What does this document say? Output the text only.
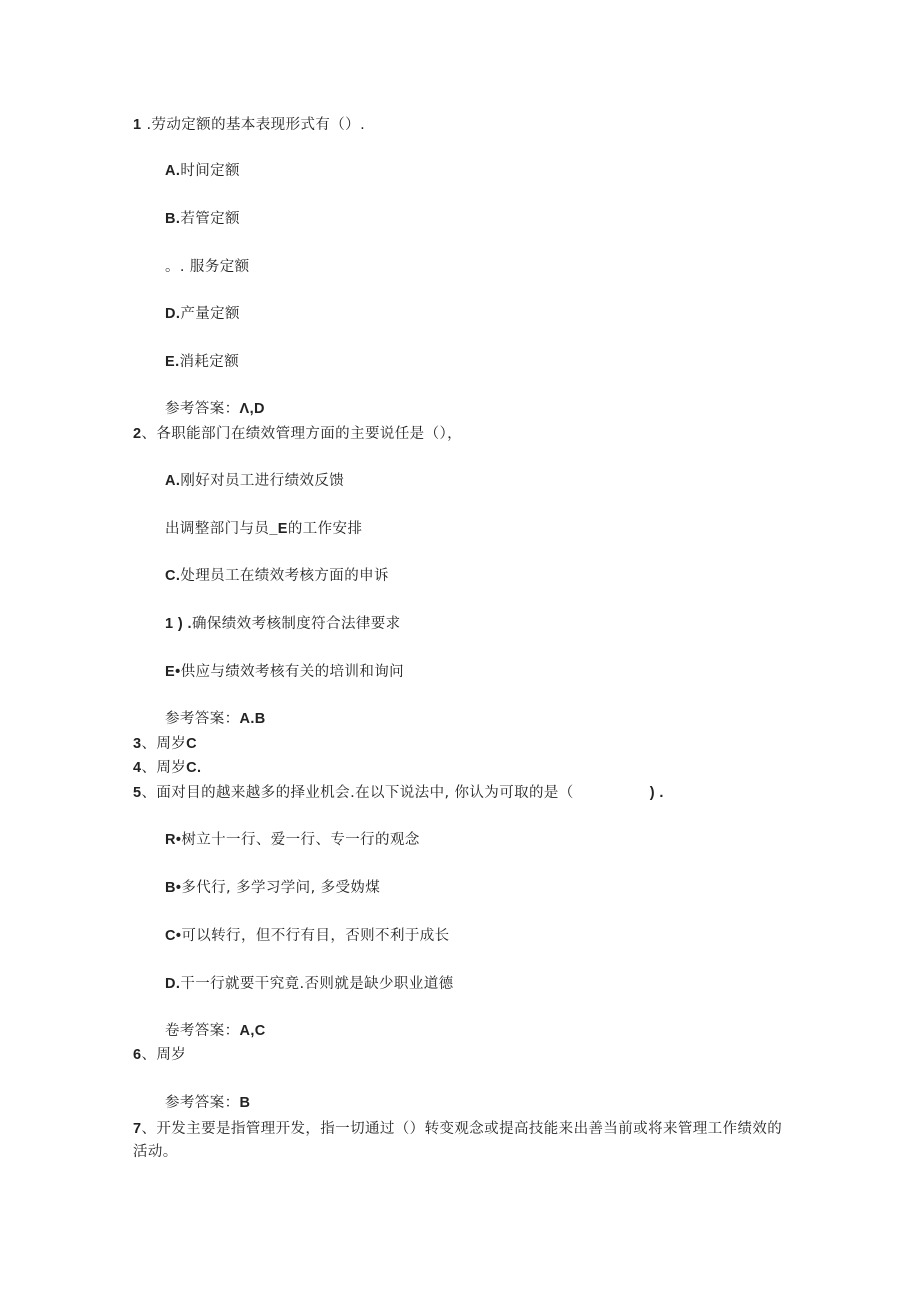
1 .劳动定额的基本表现形式有（）.
A.时间定额
B.若管定额
。. 服务定额
D.产量定额
E.消耗定额
参考答案：Λ,D
2、各职能部门在绩效管理方面的主要说任是（），
A.刚好对员工进行绩效反馈
出调整部门与员_E的工作安排
C.处理员工在绩效考核方面的申诉
1 ) .确保绩效考核制度符合法律要求
E•供应与绩效考核有关的培训和询问
参考答案：A.B
3、周岁C
4、周岁C.
5、面对目的越来越多的择业机会.在以下说法中, 你认为可取的是（	) .
R•树立十一行、爱一行、专一行的观念
B•多代行, 多学习学问, 多受妫煤
C•可以转行，但不行有目，否则不利于成长
D.干一行就要干究竟.否则就是缺少职业道德
卷考答案：A,C
6、周岁
参考答案：B
7、开发主要是指管理开发，指一切通过（）转变观念或提高技能来出善当前或将来管理工作绩效的活动。
